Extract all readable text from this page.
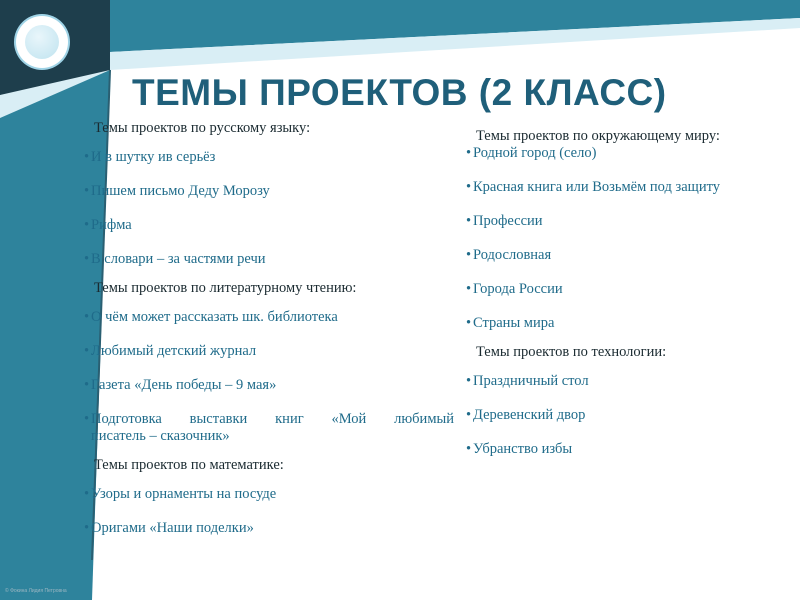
ТЕМЫ ПРОЕКТОВ (2 КЛАСС)

Темы проектов по русскому языку:

• И в шутку ив серьёз

• Пишем письмо Деду Морозу

• Рифма

• В словари – за частями речи

Темы проектов по литературному чтению:

• О чём может рассказать шк. библиотека

• Любимый детский журнал

• Газета «День победы – 9 мая»

• Подготовка выставки книг «Мой любимый

писатель – сказочник»

Темы проектов по математике:

• Узоры и орнаменты на посуде

• Оригами «Наши поделки»

Темы проектов по окружающему миру:

• Родной город (село)

• Красная книга или Возьмём под защиту

• Профессии

• Родословная

• Города России

• Страны мира

Темы проектов по технологии:

• Праздничный стол

• Деревенский двор

• Убранство избы

© Фокина Лидия Петровна
